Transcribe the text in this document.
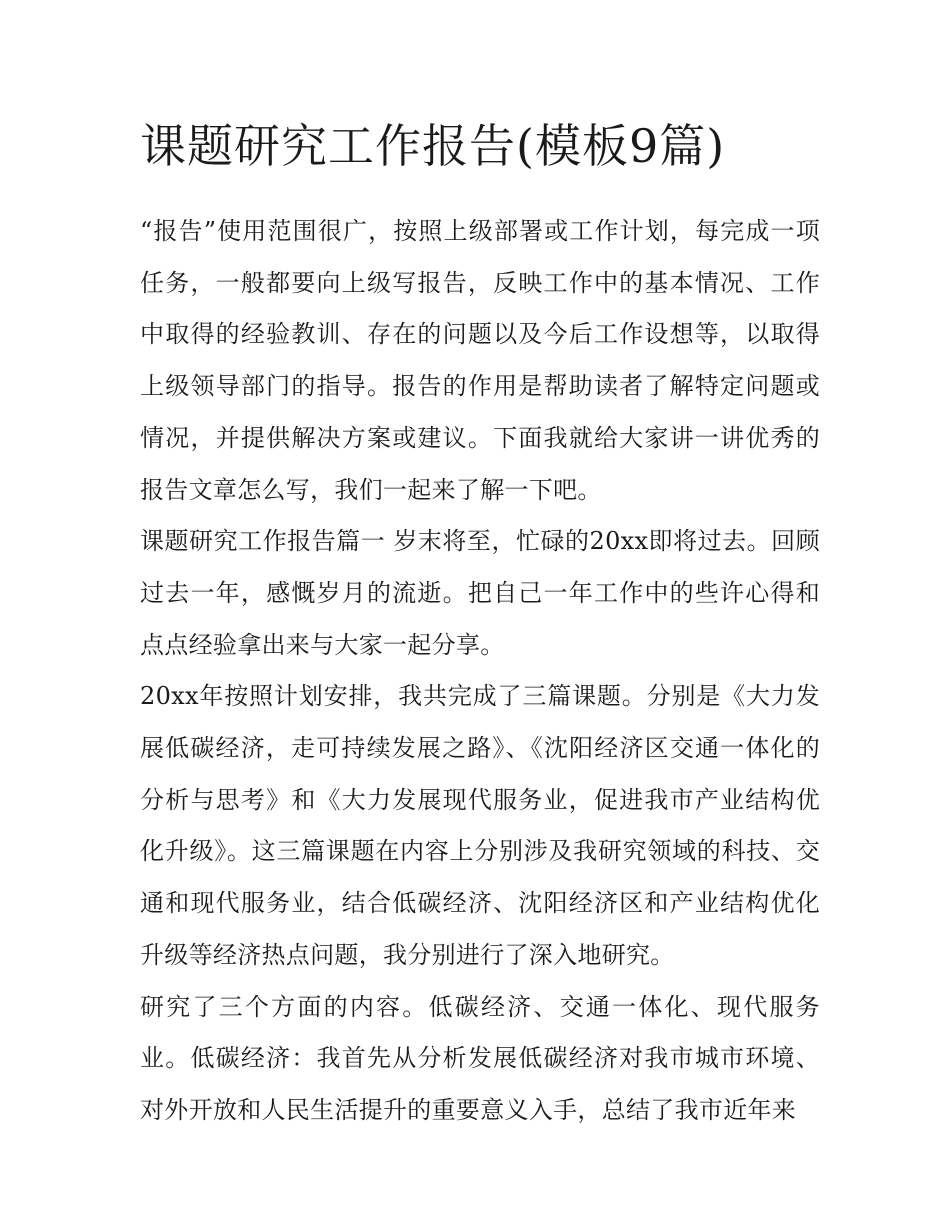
课题研究工作报告(模板9篇)

“报告”使用范围很广，按照上级部署或工作计划，每完成一项任务，一般都要向上级写报告，反映工作中的基本情况、工作中取得的经验教训、存在的问题以及今后工作设想等，以取得上级领导部门的指导。报告的作用是帮助读者了解特定问题或情况，并提供解决方案或建议。下面我就给大家讲一讲优秀的报告文章怎么写，我们一起来了解一下吧。

课题研究工作报告篇一 岁末将至，忙碌的20xx即将过去。回顾过去一年，感慨岁月的流逝。把自己一年工作中的些许心得和点点经验拿出来与大家一起分享。

20xx年按照计划安排，我共完成了三篇课题。分别是《大力发展低碳经济，走可持续发展之路》、《沈阳经济区交通一体化的分析与思考》和《大力发展现代服务业，促进我市产业结构优化升级》。这三篇课题在内容上分别涉及我研究领域的科技、交通和现代服务业，结合低碳经济、沈阳经济区和产业结构优化升级等经济热点问题，我分别进行了深入地研究。

研究了三个方面的内容。低碳经济、交通一体化、现代服务业。低碳经济：我首先从分析发展低碳经济对我市城市环境、对外开放和人民生活提升的重要意义入手，总结了我市近年来
